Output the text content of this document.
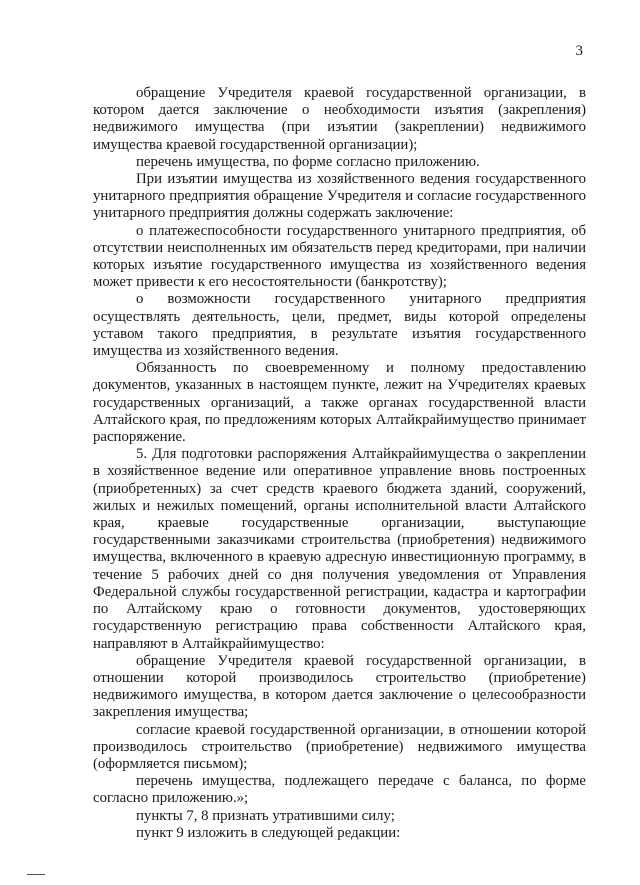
3

обращение Учредителя краевой государственной организации, в котором дается заключение о необходимости изъятия (закрепления) недвижимого имущества (при изъятии (закреплении) недвижимого имущества краевой государственной организации);

перечень имущества, по форме согласно приложению.

При изъятии имущества из хозяйственного ведения государственного унитарного предприятия обращение Учредителя и согласие государственного унитарного предприятия должны содержать заключение:

о платежеспособности государственного унитарного предприятия, об отсутствии неисполненных им обязательств перед кредиторами, при наличии которых изъятие государственного имущества из хозяйственного ведения может привести к его несостоятельности (банкротству);

о возможности государственного унитарного предприятия осуществлять деятельность, цели, предмет, виды которой определены уставом такого предприятия, в результате изъятия государственного имущества из хозяйственного ведения.

Обязанность по своевременному и полному предоставлению документов, указанных в настоящем пункте, лежит на Учредителях краевых государственных организаций, а также органах государственной власти Алтайского края, по предложениям которых Алтайкрайимущество принимает распоряжение.

5. Для подготовки распоряжения Алтайкрайимущества о закреплении в хозяйственное ведение или оперативное управление вновь построенных (приобретенных) за счет средств краевого бюджета зданий, сооружений, жилых и нежилых помещений, органы исполнительной власти Алтайского края, краевые государственные организации, выступающие государственными заказчиками строительства (приобретения) недвижимого имущества, включенного в краевую адресную инвестиционную программу, в течение 5 рабочих дней со дня получения уведомления от Управления Федеральной службы государственной регистрации, кадастра и картографии по Алтайскому краю о готовности документов, удостоверяющих государственную регистрацию права собственности Алтайского края, направляют в Алтайкрайимущество:

обращение Учредителя краевой государственной организации, в отношении которой производилось строительство (приобретение) недвижимого имущества, в котором дается заключение о целесообразности закрепления имущества;

согласие краевой государственной организации, в отношении которой производилось строительство (приобретение) недвижимого имущества (оформляется письмом);

перечень имущества, подлежащего передаче с баланса, по форме согласно приложению.»;

пункты 7, 8 признать утратившими силу;

пункт 9 изложить в следующей редакции:
